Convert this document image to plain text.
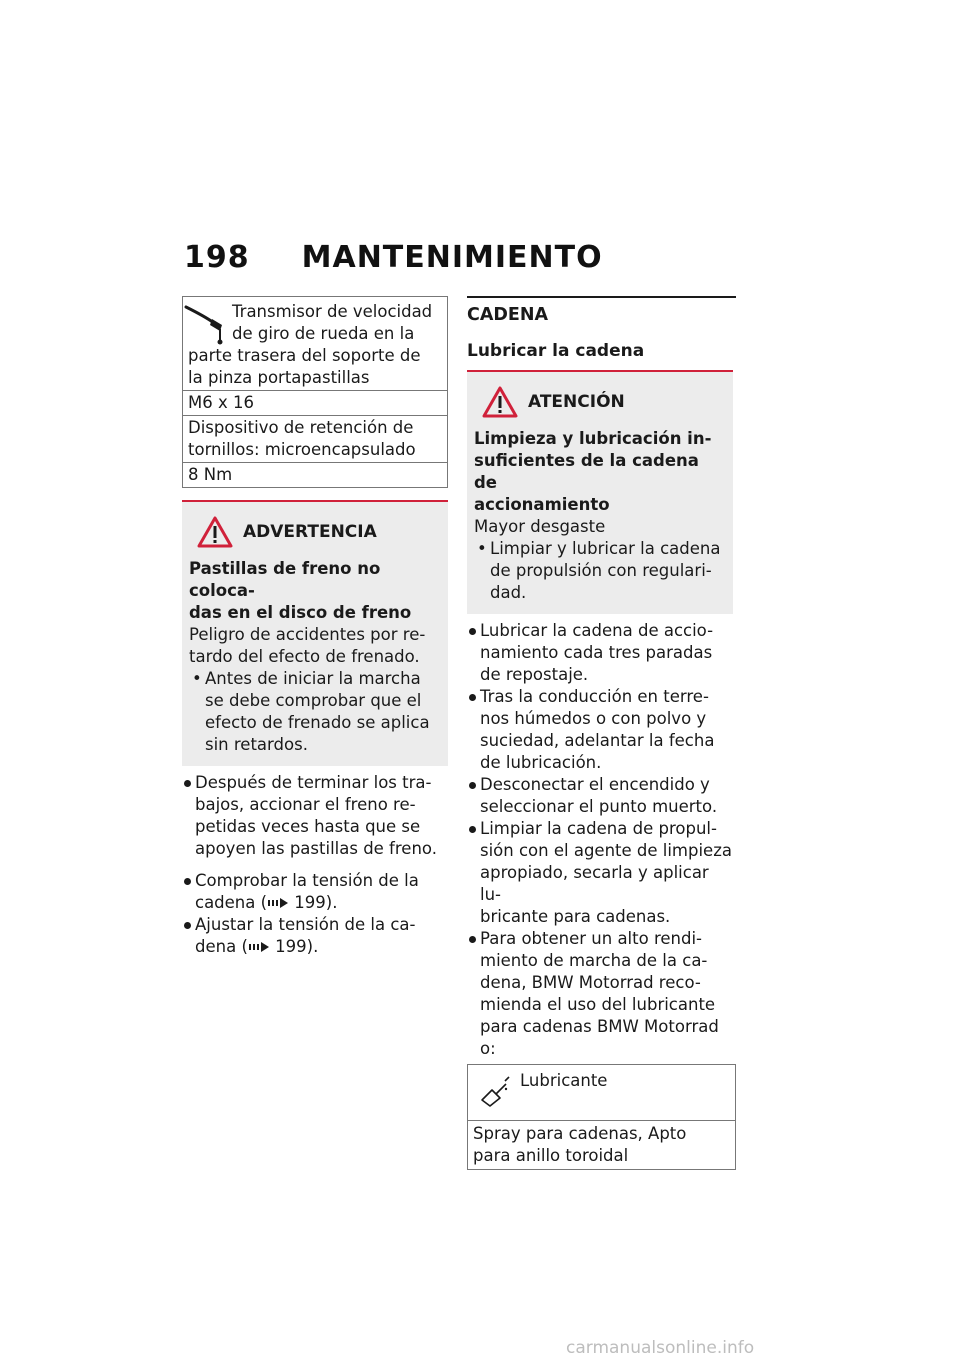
198 MANTENIMIENTO
Transmisor de velocidad
de giro de rueda en la
parte trasera del soporte de
la pinza portapastillas
M6 x 16
Dispositivo de retención de
tornillos: microencapsulado
8 Nm
ADVERTENCIA
Pastillas de freno no coloca-
das en el disco de freno
Peligro de accidentes por re-
tardo del efecto de frenado.
• Antes de iniciar la marcha
se debe comprobar que el
efecto de frenado se aplica
sin retardos.
Después de terminar los tra-
bajos, accionar el freno re-
petidas veces hasta que se
apoyen las pastillas de freno.
Comprobar la tensión de la
cadena ( 199).
Ajustar la tensión de la ca-
dena ( 199).
CADENA
Lubricar la cadena
ATENCIÓN
Limpieza y lubricación in-
suficientes de la cadena de
accionamiento
Mayor desgaste
• Limpiar y lubricar la cadena
de propulsión con regulari-
dad.
Lubricar la cadena de accio-
namiento cada tres paradas
de repostaje.
Tras la conducción en terre-
nos húmedos o con polvo y
suciedad, adelantar la fecha
de lubricación.
Desconectar el encendido y
seleccionar el punto muerto.
Limpiar la cadena de propul-
sión con el agente de limpieza
apropiado, secarla y aplicar lu-
bricante para cadenas.
Para obtener un alto rendi-
miento de marcha de la ca-
dena, BMW Motorrad reco-
mienda el uso del lubricante
para cadenas BMW Motorrad
o:
Lubricante
Spray para cadenas, Apto
para anillo toroidal
carmanualsonline.info
